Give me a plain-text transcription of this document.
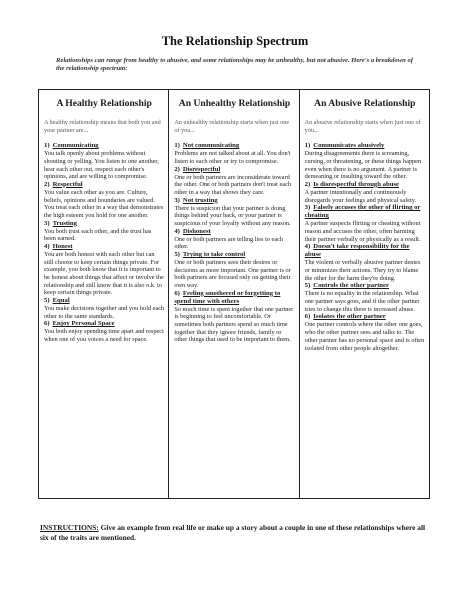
The Relationship Spectrum
Relationships can range from healthy to abusive, and some relationships may be unhealthy, but not abusive. Here's a breakdown of the relationship spectrum:
A Healthy Relationship
A healthy relationship means that both you and your partner are...
1) Communicating
You talk openly about problems without shouting or yelling. You listen to one another, hear each other out, respect each other's opinions, and are willing to compromise.
2) Respectful
You value each other as you are. Culture, beliefs, opinions and boundaries are valued. You treat each other in a way that demonstrates the high esteem you hold for one another.
3) Trusting
You both trust each other, and the trust has been earned.
4) Honest
You are both honest with each other but can still choose to keep certain things private. For example, you both know that it is important to be honest about things that affect or involve the relationship and still know that it is also o.k. to keep certain things private.
5) Equal
You make decisions together and you hold each other to the same standards.
6) Enjoy Personal Space
You both enjoy spending time apart and respect when one of you voices a need for space.
An Unhealthy Relationship
An unhealthy relationship starts when just one of you...
1) Not communicating
Problems are not talked about at all. You don't listen to each other or try to compromise.
2) Disrespectful
One or both partners are inconsiderate toward the other. One or both partners don't treat each other in a way that shows they care.
3) Not trusting
There is suspicion that your partner is doing things behind your back, or your partner is suspicious of your loyalty without any reason.
4) Dishonest
One or both partners are telling lies to each other.
5) Trying to take control
One or both partners sees their desires or decisions as more important. One partner is or both partners are focused only on getting their own way.
6) Feeling smothered or forgetting to spend time with others
So much time is spent together that one partner is beginning to feel uncomfortable. Or sometimes both partners spend so much time together that they ignore friends, family or other things that used to be important to them.
An Abusive Relationship
An abusive relationship starts when just one of you...
1) Communicates abusively
During disagreements there is screaming, cursing, or threatening, or these things happen even when there is no argument. A partner is demeaning or insulting toward the other.
2) Is disrespectful through abuse
A partner intentionally and continuously disregards your feelings and physical safety.
3) Falsely accuses the other of flirting or cheating
A partner suspects flirting or cheating without reason and accuses the other, often harming their partner verbally or physically as a result.
4) Doesn't take responsibility for the abuse
The violent or verbally abusive partner denies or minimizes their actions. They try to blame the other for the harm they're doing.
5) Controls the other partner
There is no equality in the relationship. What one partner says goes, and if the other partner tries to change this there is increased abuse.
6) Isolates the other partner
One partner controls where the other one goes, who the other partner sees and talks to. The other partner has no personal space and is often isolated from other people altogether.
INSTRUCTIONS: Give an example from real life or make up a story about a couple in one of these relationships where all six of the traits are mentioned.
